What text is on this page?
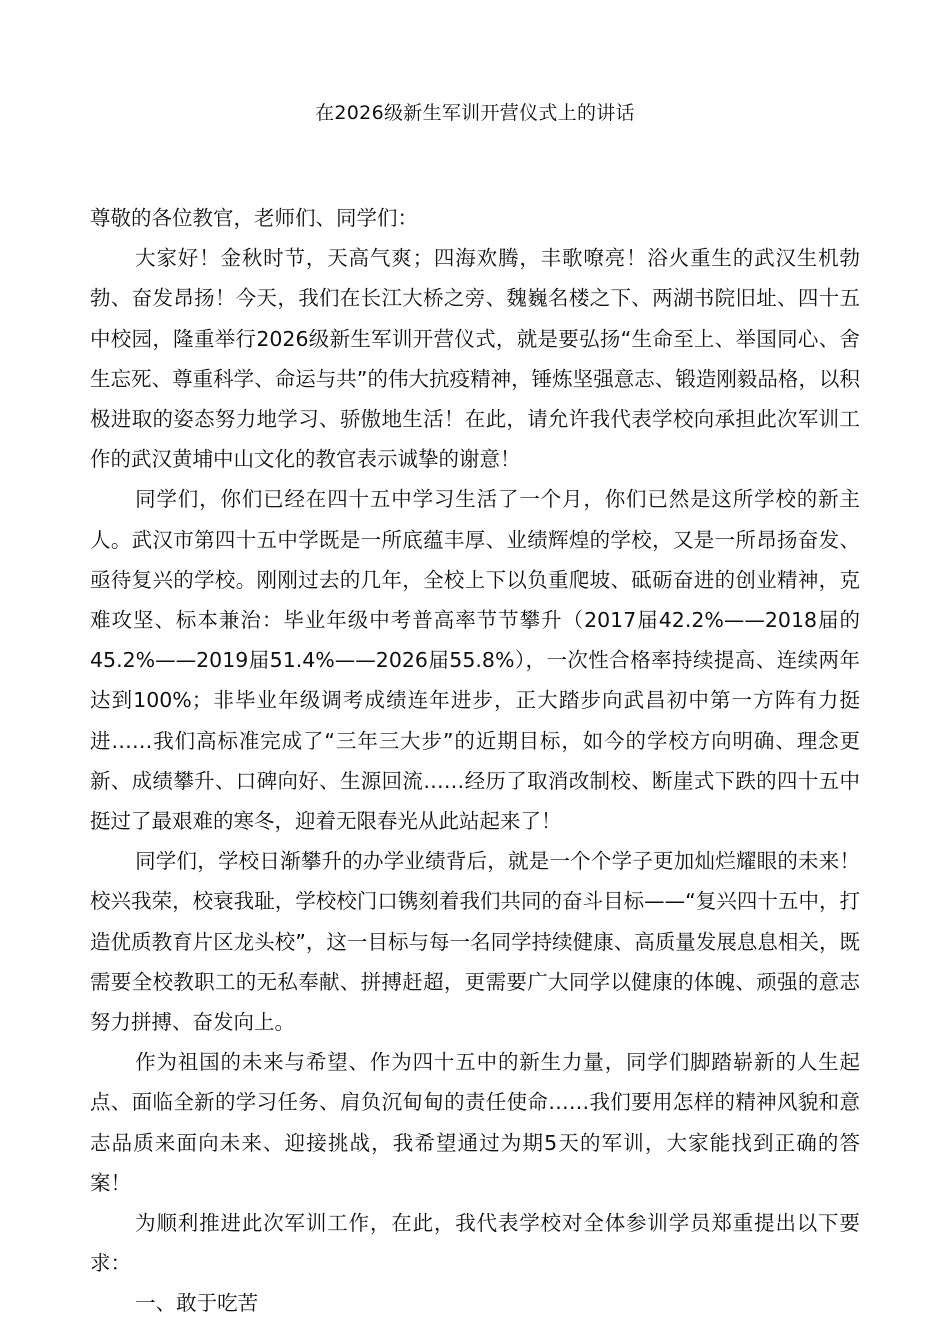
在2026级新生军训开营仪式上的讲话

尊敬的各位教官，老师们、同学们：

大家好！金秋时节，天高气爽；四海欢腾，丰歌嘹亮！浴火重生的武汉生机勃勃、奋发昂扬！今天，我们在长江大桥之旁、魏巍名楼之下、两湖书院旧址、四十五中校园，隆重举行2026级新生军训开营仪式，就是要弘扬“生命至上、举国同心、舍生忘死、尊重科学、命运与共”的伟大抗疫精神，锤炼坚强意志、锻造刚毅品格，以积极进取的姿态努力地学习、骄傲地生活！在此，请允许我代表学校向承担此次军训工作的武汉黄埔中山文化的教官表示诚挚的谢意！

同学们，你们已经在四十五中学习生活了一个月，你们已然是这所学校的新主人。武汉市第四十五中学既是一所底蕴丰厚、业绩辉煌的学校，又是一所昂扬奋发、亟待复兴的学校。刚刚过去的几年，全校上下以负重爬坡、砥砺奋进的创业精神，克难攻坚、标本兼治：毕业年级中考普高率节节攀升（2017届42.2%——2018届的45.2%——2019届51.4%——2026届55.8%），一次性合格率持续提高、连续两年达到100%；非毕业年级调考成绩连年进步，正大踏步向武昌初中第一方阵有力挺进……我们高标准完成了“三年三大步”的近期目标，如今的学校方向明确、理念更新、成绩攀升、口碑向好、生源回流……经历了取消改制校、断崖式下跌的四十五中挺过了最艰难的寒冬，迎着无限春光从此站起来了！

同学们，学校日渐攀升的办学业绩背后，就是一个个学子更加灿烂耀眼的未来！校兴我荣，校衰我耻，学校校门口镌刻着我们共同的奋斗目标——“复兴四十五中，打造优质教育片区龙头校”，这一目标与每一名同学持续健康、高质量发展息息相关，既需要全校教职工的无私奉献、拼搏赶超，更需要广大同学以健康的体魄、顽强的意志努力拼搏、奋发向上。

作为祖国的未来与希望、作为四十五中的新生力量，同学们脚踏崭新的人生起点、面临全新的学习任务、肩负沉甸甸的责任使命……我们要用怎样的精神风貌和意志品质来面向未来、迎接挑战，我希望通过为期5天的军训，大家能找到正确的答案！

为顺利推进此次军训工作，在此，我代表学校对全体参训学员郑重提出以下要求：

一、敢于吃苦
